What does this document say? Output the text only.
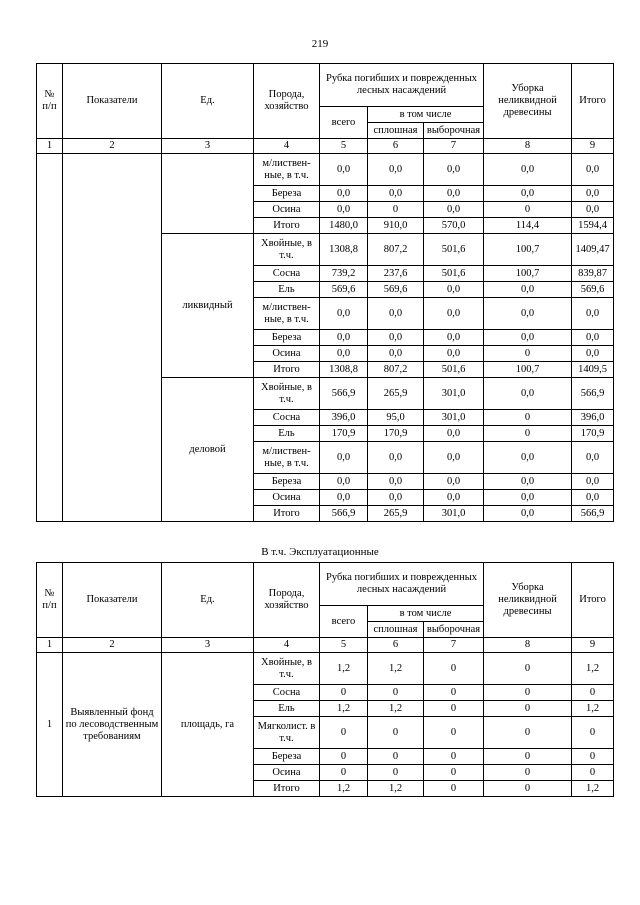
219
№ п/п	Показатели	Ед.	Порода, хозяйство	Рубка погибших и поврежденных лесных насаждений			Уборка неликвидной древесины	Итого
				всего	в том числе			
					сплошная	выборочная		
1	2	3	4	5	6	7	8	9
			м/листвен-ные, в т.ч.	0,0	0,0	0,0	0,0	0,0
			Береза	0,0	0,0	0,0	0,0	0,0
			Осина	0,0	0	0,0	0	0,0
			Итого	1480,0	910,0	570,0	114,4	1594,4
		ликвидный	Хвойные, в т.ч.	1308,8	807,2	501,6	100,7	1409,47
			Сосна	739,2	237,6	501,6	100,7	839,87
			Ель	569,6	569,6	0,0	0,0	569,6
			м/листвен-ные, в т.ч.	0,0	0,0	0,0	0,0	0,0
			Береза	0,0	0,0	0,0	0,0	0,0
			Осина	0,0	0,0	0,0	0	0,0
			Итого	1308,8	807,2	501,6	100,7	1409,5
		деловой	Хвойные, в т.ч.	566,9	265,9	301,0	0,0	566,9
			Сосна	396,0	95,0	301,0	0	396,0
			Ель	170,9	170,9	0,0	0	170,9
			м/листвен-ные, в т.ч.	0,0	0,0	0,0	0,0	0,0
			Береза	0,0	0,0	0,0	0,0	0,0
			Осина	0,0	0,0	0,0	0,0	0,0
			Итого	566,9	265,9	301,0	0,0	566,9
В т.ч. Эксплуатационные
№ п/п	Показатели	Ед.	Порода, хозяйство	Рубка погибших и поврежденных лесных насаждений			Уборка неликвидной древесины	Итого
				всего	в том числе			
					сплошная	выборочная		
1	2	3	4	5	6	7	8	9
1	Выявленный фонд по лесоводственным требованиям	площадь, га	Хвойные, в т.ч.	1,2	1,2	0	0	1,2
			Сосна	0	0	0	0	0
			Ель	1,2	1,2	0	0	1,2
			Мягколист. в т.ч.	0	0	0	0	0
			Береза	0	0	0	0	0
			Осина	0	0	0	0	0
			Итого	1,2	1,2	0	0	1,2
